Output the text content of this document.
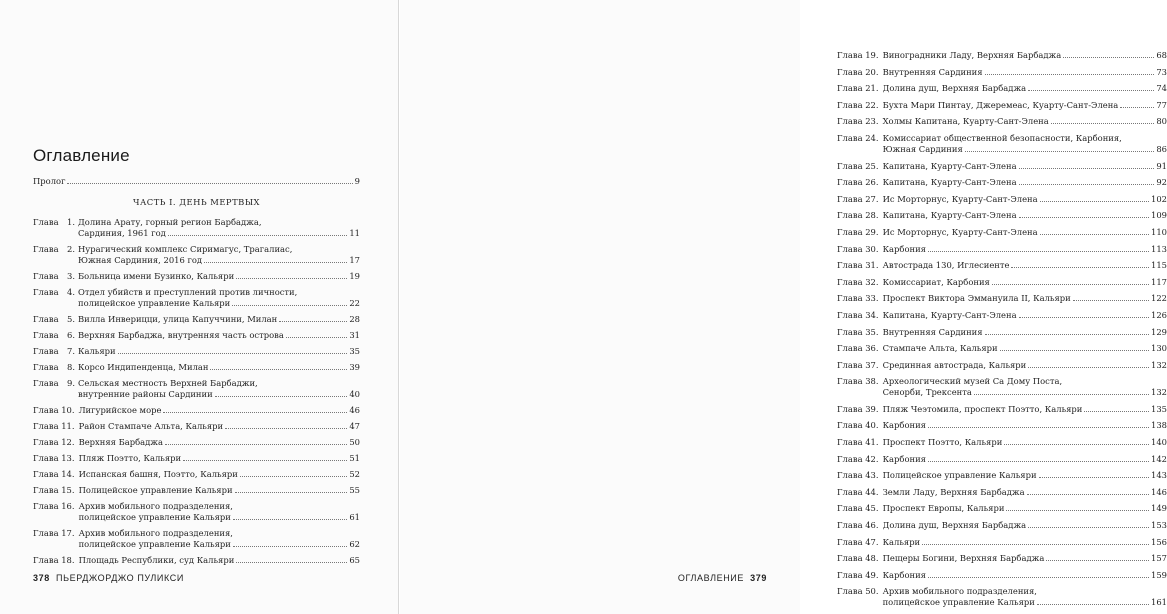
Оглавление
Пролог	9
ЧАСТЬ I. ДЕНЬ МЕРТВЫХ
Глава	1. Долина Арату, горный регион Барбаджа,
Сардиния, 1961 год	11
Глава	2. Нурагический комплекс Сиримагус, Трагалиас,
Южная Сардиния, 2016 год	17
Глава	3. Больница имени Бузинко, Кальяри	19
Глава	4. Отдел убийств и преступлений против личности,
полицейское управление Кальяри	22
Глава	5. Вилла Инверицци, улица Капуччини, Милан	28
Глава	6. Верхняя Барбаджа, внутренняя часть острова	31
Глава	7. Кальяри	35
Глава	8. Корсо Индипенденца, Милан	39
Глава	9. Сельская местность Верхней Барбаджи,
внутренние районы Сардинии	40
Глава 10. Лигурийское море	46
Глава 11. Район Стампаче Альта, Кальяри	47
Глава 12. Верхняя Барбаджа	50
Глава 13. Пляж Поэтто, Кальяри	51
Глава 14. Испанская башня, Поэтто, Кальяри	52
Глава 15. Полицейское управление Кальяри	55
Глава 16. Архив мобильного подразделения,
полицейское управление Кальяри	61
Глава 17. Архив мобильного подразделения,
полицейское управление Кальяри	62
Глава 18. Площадь Республики, суд Кальяри	65
378 ПЬЕРДЖОРДЖО ПУЛИКСИ
Глава 19. Виноградники Ладу, Верхняя Барбаджа	68
Глава 20. Внутренняя Сардиния	73
Глава 21. Долина душ, Верхняя Барбаджа	74
Глава 22. Бухта Мари Пинтау, Джеремеас, Куарту-Сант-Элена	77
Глава 23. Холмы Капитана, Куарту-Сант-Элена	80
Глава 24. Комиссариат общественной безопасности, Карбония,
Южная Сардиния	86
Глава 25. Капитана, Куарту-Сант-Элена	91
Глава 26. Капитана, Куарту-Сант-Элена	92
Глава 27. Ис Морторнус, Куарту-Сант-Элена	102
Глава 28. Капитана, Куарту-Сант-Элена	109
Глава 29. Ис Морторнус, Куарту-Сант-Элена	110
Глава 30. Карбония	113
Глава 31. Автострада 130, Иглесиенте	115
Глава 32. Комиссариат, Карбония	117
Глава 33. Проспект Виктора Эммануила II, Кальяри	122
Глава 34. Капитана, Куарту-Сант-Элена	126
Глава 35. Внутренняя Сардиния	129
Глава 36. Стампаче Альта, Кальяри	130
Глава 37. Срединная автострада, Кальяри	132
Глава 38. Археологический музей Са Дому Поста,
Сенорби, Трексента	132
Глава 39. Пляж Чеэтомила, проспект Поэтто, Кальяри	135
Глава 40. Карбония	138
Глава 41. Проспект Поэтто, Кальяри	140
Глава 42. Карбония	142
Глава 43. Полицейское управление Кальяри	143
Глава 44. Земли Ладу, Верхняя Барбаджа	146
Глава 45. Проспект Европы, Кальяри	149
Глава 46. Долина душ, Верхняя Барбаджа	153
Глава 47. Кальяри	156
Глава 48. Пещеры Богини, Верхняя Барбаджа	157
Глава 49. Карбония	159
Глава 50. Архив мобильного подразделения,
полицейское управление Кальяри	161
ОГЛАВЛЕНИЕ 379
